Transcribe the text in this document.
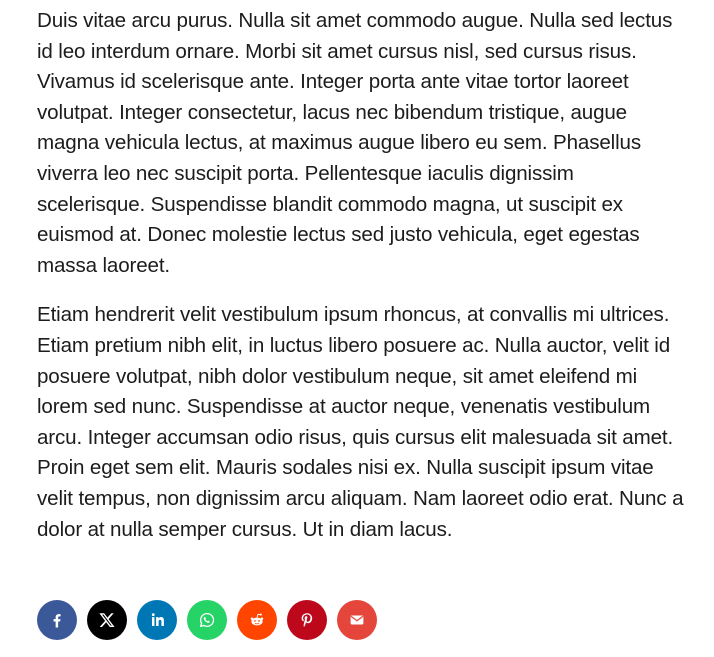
Duis vitae arcu purus. Nulla sit amet commodo augue. Nulla sed lectus id leo interdum ornare. Morbi sit amet cursus nisl, sed cursus risus. Vivamus id scelerisque ante. Integer porta ante vitae tortor laoreet volutpat. Integer consectetur, lacus nec bibendum tristique, augue magna vehicula lectus, at maximus augue libero eu sem. Phasellus viverra leo nec suscipit porta. Pellentesque iaculis dignissim scelerisque. Suspendisse blandit commodo magna, ut suscipit ex euismod at. Donec molestie lectus sed justo vehicula, eget egestas massa laoreet.

Etiam hendrerit velit vestibulum ipsum rhoncus, at convallis mi ultrices. Etiam pretium nibh elit, in luctus libero posuere ac. Nulla auctor, velit id posuere volutpat, nibh dolor vestibulum neque, sit amet eleifend mi lorem sed nunc. Suspendisse at auctor neque, venenatis vestibulum arcu. Integer accumsan odio risus, quis cursus elit malesuada sit amet. Proin eget sem elit. Mauris sodales nisi ex. Nulla suscipit ipsum vitae velit tempus, non dignissim arcu aliquam. Nam laoreet odio erat. Nunc a dolor at nulla semper cursus. Ut in diam lacus.
